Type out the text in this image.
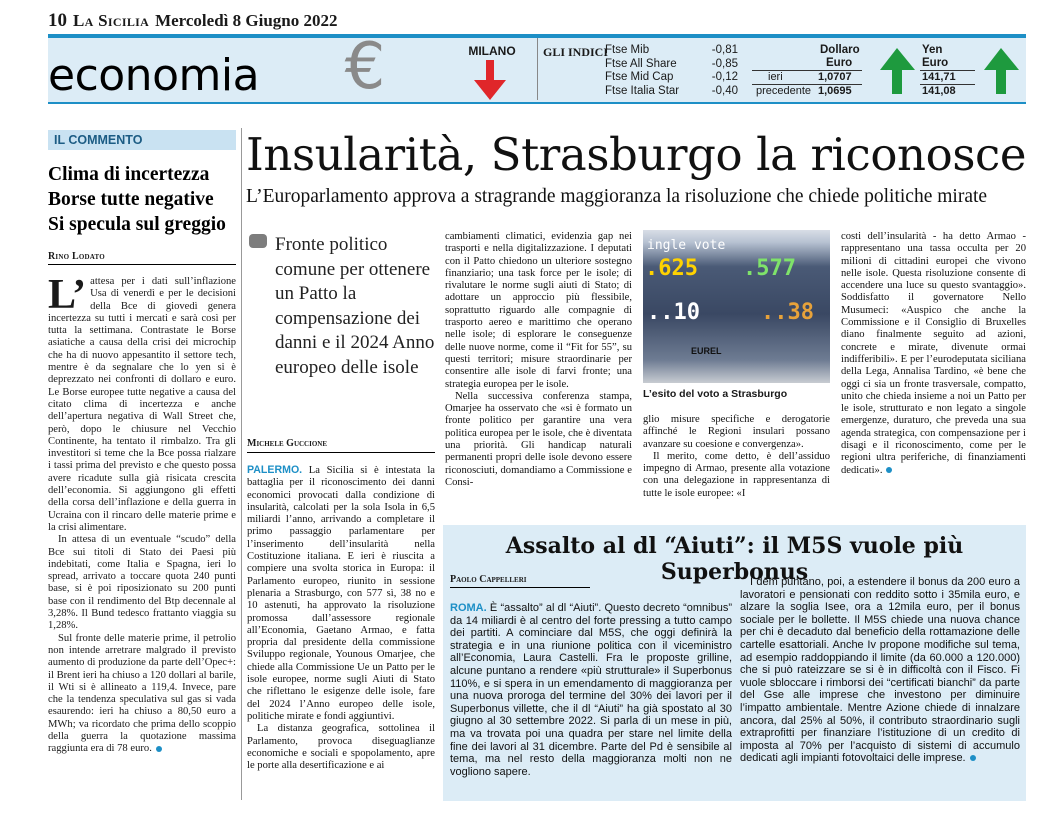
10 La Sicilia Mercoledì 8 Giugno 2022
economia €	MILANO	GLI INDICI
Ftse Mib	-0,81
Ftse All Share	-0,85
Ftse Mid Cap	-0,12
Ftse Italia Star	-0,40
Dollaro
Euro
ieri	1,0707
precedente 1,0695
Yen
Euro
141,71
141,08
IL COMMENTO
Clima di incertezza
Borse tutte negative
Si specula sul greggio
Rino Lodato

L’ attesa per i dati sull’inflazione Usa di venerdì e per le decisioni della Bce di giovedì genera incertezza su tutti i mercati e sarà così per tutta la settimana. Contrastate le Borse asiatiche a causa della crisi dei microchip che ha di nuovo appesantito il settore tech, mentre è da segnalare che lo yen si è deprezzato nei confronti di dollaro e euro. Le Borse europee tutte negative a causa del citato clima di incertezza e anche dell’apertura negativa di Wall Street che, però, dopo le chiusure nel Vecchio Continente, ha tentato il rimbalzo. Tra gli investitori si teme che la Bce possa rialzare i tassi prima del previsto e che questo possa avere ricadute sulla già risicata crescita dell’economia. Si aggiungono gli effetti della corsa dell’inflazione e della guerra in Ucraina con il rincaro delle materie prime e la crisi alimentare.

In attesa di un eventuale “scudo” della Bce sui titoli di Stato dei Paesi più indebitati, come Italia e Spagna, ieri lo spread, arrivato a toccare quota 240 punti base, si è poi riposizionato su 200 punti base con il rendimento del Btp decennale al 3,28%. Il Bund tedesco frattanto viaggia su 1,28%.

Sul fronte delle materie prime, il petrolio non intende arretrare malgrado il previsto aumento di produzione da parte dell’Opec+: il Brent ieri ha chiuso a 120 dollari al barile, il Wti si è allineato a 119,4. Invece, pare che la tendenza speculativa sul gas si vada esaurendo: ieri ha chiuso a 80,50 euro a MWh; va ricordato che prima dello scoppio della guerra la quotazione massima raggiunta era di 78 euro.

Insularità, Strasburgo la riconosce
L’Europarlamento approva a stragrande maggioranza la risoluzione che chiede politiche mirate
Fronte politico comune per ottenere un Patto la compensazione dei danni e il 2024 Anno europeo delle isole
Michele Guccione

PALERMO. La Sicilia si è intestata la battaglia per il riconoscimento dei danni economici provocati dalla condizione di insularità, calcolati per la sola Isola in 6,5 miliardi l’anno, arrivando a completare il primo passaggio parlamentare per l’inserimento dell’insularità nella Costituzione italiana. E ieri è riuscita a compiere una svolta storica in Europa: il Parlamento europeo, riunito in sessione plenaria a Strasburgo, con 577 sì, 38 no e 10 astenuti, ha approvato la risoluzione promossa dall’assessore regionale all’Economia, Gaetano Armao, e fatta propria dal presidente della commissione Sviluppo regionale, Younous Omarjee, che chiede alla Commissione Ue un Patto per le isole europee, norme sugli Aiuti di Stato che riflettano le esigenze delle isole, fare del 2024 l’Anno europeo delle isole, politiche mirate e fondi aggiuntivi.

La distanza geografica, sottolinea il Parlamento, provoca diseguaglianze economiche e sociali e spopolamento, apre le porte alla desertificazione e ai

cambiamenti climatici, evidenzia gap nei trasporti e nella digitalizzazione. I deputati con il Patto chiedono un ulteriore sostegno finanziario; una task force per le isole; di rivalutare le norme sugli aiuti di Stato; di adottare un approccio più flessibile, soprattutto riguardo alle compagnie di trasporto aereo e marittimo che operano nelle isole; di esplorare le conseguenze delle nuove norme, come il “Fit for 55”, su questi territori; misure straordinarie per consentire alle isole di farvi fronte; una strategia europea per le isole.

Nella successiva conferenza stampa, Omarjee ha osservato che «si è formato un fronte politico per garantire una vera politica europea per le isole, che è diventata una priorità. Gli handicap naturali permanenti propri delle isole devono essere riconosciuti, domandiamo a Commissione e Consi-

ingle vote
.625 .577
..10	..38
EUREL
L’esito del voto a Strasburgo

glio misure specifiche e derogatorie affinché le Regioni insulari possano avanzare su coesione e convergenza».

Il merito, come detto, è dell’assiduo impegno di Armao, presente alla votazione con una delegazione in rappresentanza di tutte le isole europee: «I

costi dell’insularità - ha detto Armao - rappresentano una tassa occulta per 20 milioni di cittadini europei che vivono nelle isole. Questa risoluzione consente di accendere una luce su questo svantaggio». Soddisfatto il governatore Nello Musumeci: «Auspico che anche la Commissione e il Consiglio di Bruxelles diano finalmente seguito ad azioni, concrete e mirate, divenute ormai indifferibili». E per l’eurodeputata siciliana della Lega, Annalisa Tardino, «è bene che oggi ci sia un fronte trasversale, compatto, unito che chieda insieme a noi un Patto per le isole, strutturato e non legato a singole emergenze, duraturo, che preveda una sua agenda strategica, con compensazione per i disagi e il riconoscimento, come per le regioni ultra periferiche, di finanziamenti dedicati».

Assalto al dl “Aiuti”: il M5S vuole più Superbonus
Paolo Cappelleri

ROMA. È “assalto” al dl “Aiuti”. Questo decreto “omnibus” da 14 miliardi è al centro del forte pressing a tutto campo dei partiti. A cominciare dal M5S, che oggi definirà la strategia e in una riunione politica con il viceministro all’Economia, Laura Castelli. Fra le proposte grilline, alcune puntano a rendere «più strutturale» il Superbonus 110%, e si spera in un emendamento di maggioranza per una nuova proroga del termine del 30% dei lavori per il Superbonus villette, che il dl “Aiuti” ha già spostato al 30 giugno al 30 settembre 2022. Si parla di un mese in più, ma va trovata poi una quadra per stare nel limite della fine dei lavori al 31 dicembre. Parte del Pd è sensibile al tema, ma nel resto della maggioranza molti non ne vogliono sapere.

I dem puntano, poi, a estendere il bonus da 200 euro a lavoratori e pensionati con reddito sotto i 35mila euro, e alzare la soglia Isee, ora a 12mila euro, per il bonus sociale per le bollette. Il M5S chiede una nuova chance per chi è decaduto dal beneficio della rottamazione delle cartelle esattoriali. Anche Iv propone modifiche sul tema, ad esempio raddoppiando il limite (da 60.000 a 120.000) che si può rateizzare se si è in difficoltà con il Fisco. Fi vuole sbloccare i rimborsi dei “certificati bianchi” da parte del Gse alle imprese che investono per diminuire l’impatto ambientale. Mentre Azione chiede di innalzare ancora, dal 25% al 50%, il contributo straordinario sugli extraprofitti per finanziare l’istituzione di un credito di imposta al 70% per l’acquisto di sistemi di accumulo dedicati agli impianti fotovoltaici delle imprese.
